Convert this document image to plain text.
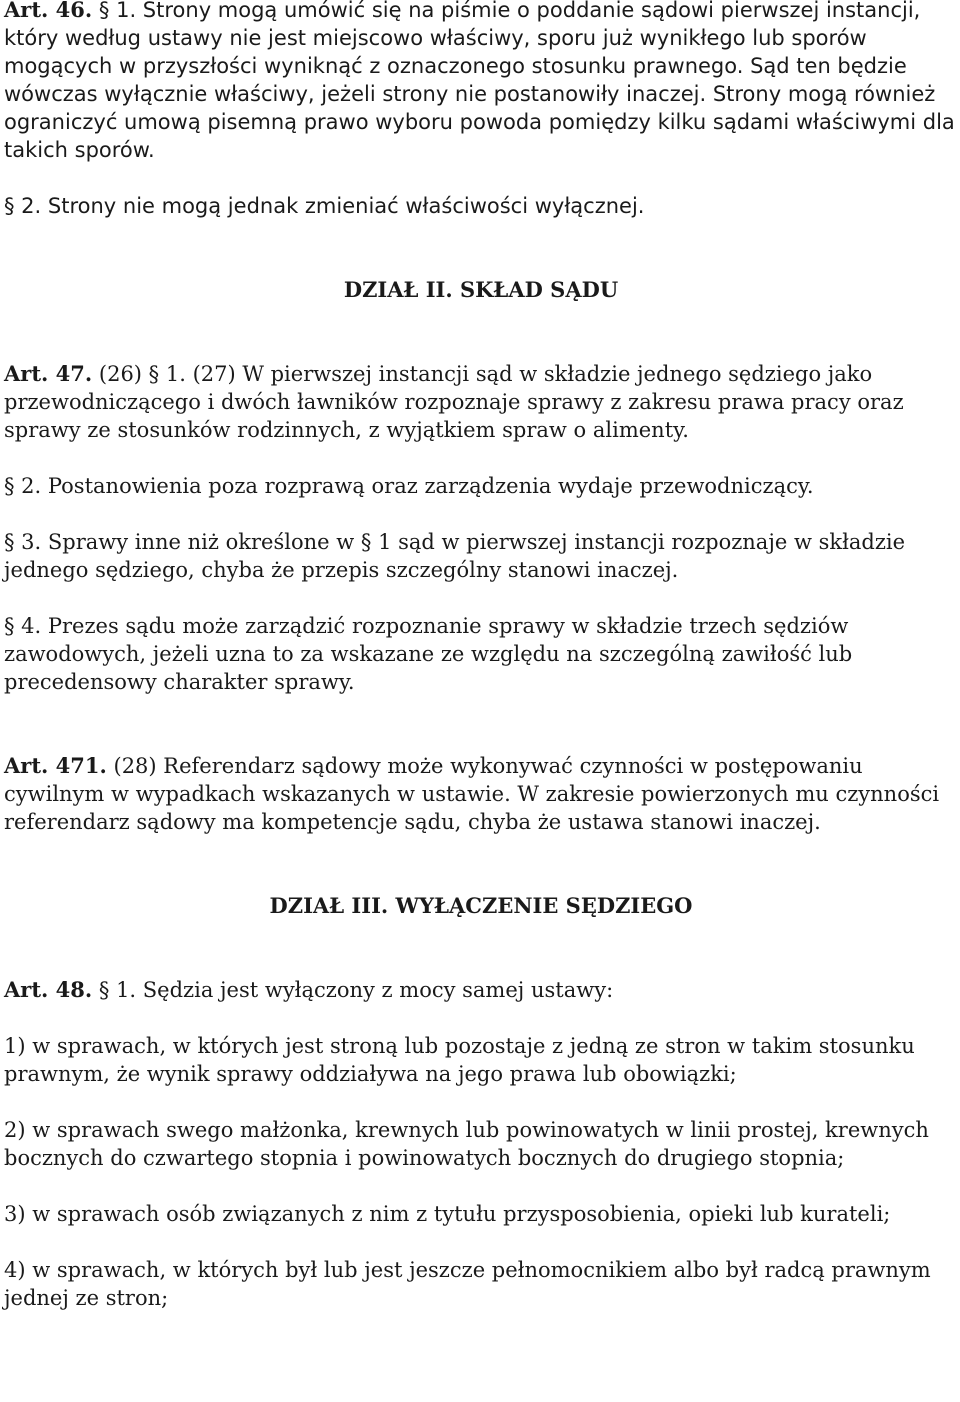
Art. 46. § 1. Strony mogą umówić się na piśmie o poddanie sądowi pierwszej instancji, który według ustawy nie jest miejscowo właściwy, sporu już wynikłego lub sporów mogących w przyszłości wyniknąć z oznaczonego stosunku prawnego. Sąd ten będzie wówczas wyłącznie właściwy, jeżeli strony nie postanowiły inaczej. Strony mogą również ograniczyć umową pisemną prawo wyboru powoda pomiędzy kilku sądami właściwymi dla takich sporów.

§ 2. Strony nie mogą jednak zmieniać właściwości wyłącznej.

DZIAŁ II. SKŁAD SĄDU

Art. 47. (26) § 1. (27) W pierwszej instancji sąd w składzie jednego sędziego jako przewodniczącego i dwóch ławników rozpoznaje sprawy z zakresu prawa pracy oraz sprawy ze stosunków rodzinnych, z wyjątkiem spraw o alimenty.

§ 2. Postanowienia poza rozprawą oraz zarządzenia wydaje przewodniczący.

§ 3. Sprawy inne niż określone w § 1 sąd w pierwszej instancji rozpoznaje w składzie jednego sędziego, chyba że przepis szczególny stanowi inaczej.

§ 4. Prezes sądu może zarządzić rozpoznanie sprawy w składzie trzech sędziów zawodowych, jeżeli uzna to za wskazane ze względu na szczególną zawiłość lub precedensowy charakter sprawy.

Art. 471. (28) Referendarz sądowy może wykonywać czynności w postępowaniu cywilnym w wypadkach wskazanych w ustawie. W zakresie powierzonych mu czynności referendarz sądowy ma kompetencje sądu, chyba że ustawa stanowi inaczej.

DZIAŁ III. WYŁĄCZENIE SĘDZIEGO

Art. 48. § 1. Sędzia jest wyłączony z mocy samej ustawy:

1) w sprawach, w których jest stroną lub pozostaje z jedną ze stron w takim stosunku prawnym, że wynik sprawy oddziaływa na jego prawa lub obowiązki;

2) w sprawach swego małżonka, krewnych lub powinowatych w linii prostej, krewnych bocznych do czwartego stopnia i powinowatych bocznych do drugiego stopnia;

3) w sprawach osób związanych z nim z tytułu przysposobienia, opieki lub kurateli;

4) w sprawach, w których był lub jest jeszcze pełnomocnikiem albo był radcą prawnym jednej ze stron;
